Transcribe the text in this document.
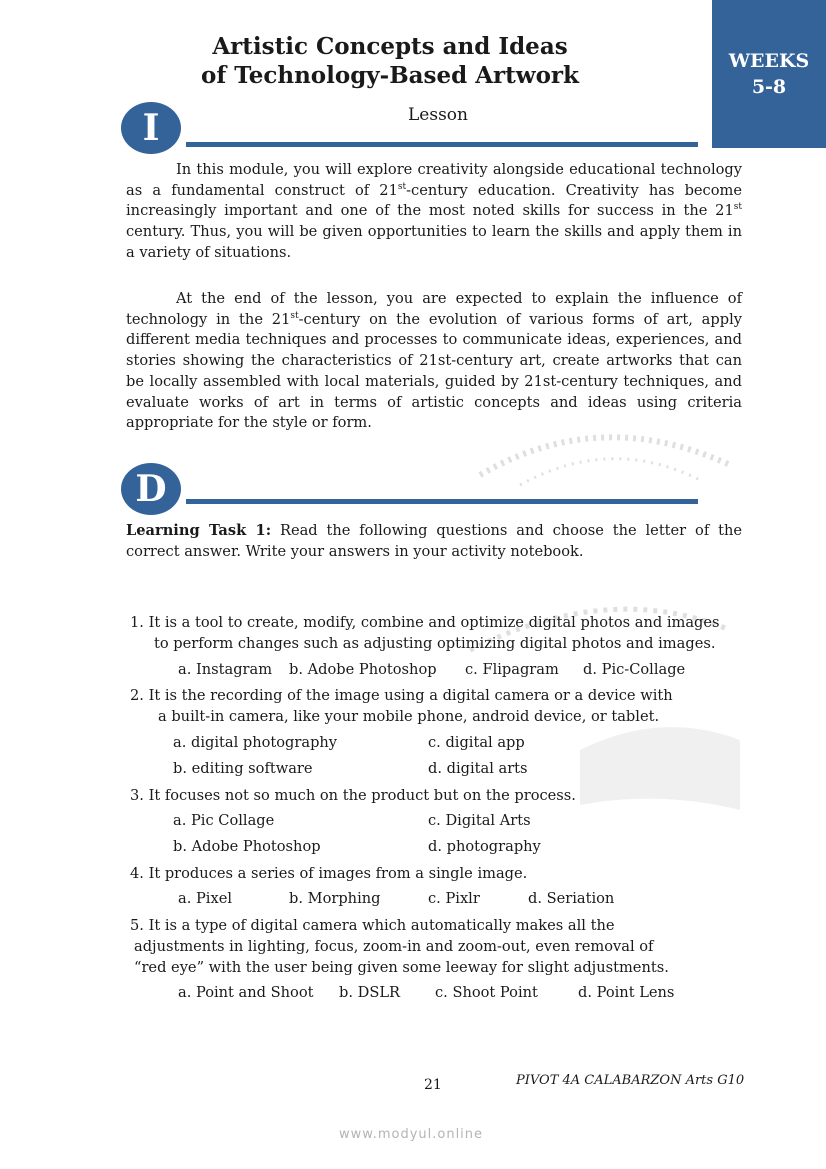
Artistic Concepts and Ideas
of Technology-Based Artwork
WEEKS
5-8
I	Lesson

In this module, you will explore creativity alongside educational technology as a fundamental construct of 21st-century education. Creativity has become increasingly important and one of the most noted skills for success in the 21st century. Thus, you will be given opportunities to learn the skills and apply them in a variety of situations.

At the end of the lesson, you are expected to explain the influence of technology in the 21st-century on the evolution of various forms of art, apply different media techniques and processes to communicate ideas, experiences, and stories showing the characteristics of 21st-century art, create artworks that can be locally assembled with local materials, guided by 21st-century techniques, and evaluate works of art in terms of artistic concepts and ideas using criteria appropriate for the style or form.

D
Learning Task 1: Read the following questions and choose the letter of the correct answer. Write your answers in your activity notebook.
1. It is a tool to create, modify, combine and optimize digital photos and images
to perform changes such as adjusting optimizing digital photos and images.
a. Instagram b. Adobe Photoshop c. Flipagram d. Pic-Collage
2. It is the recording of the image using a digital camera or a device with
a built-in camera, like your mobile phone, android device, or tablet.
a. digital photography	c. digital app
b. editing software	d. digital arts
3. It focuses not so much on the product but on the process.
a. Pic Collage	c. Digital Arts
b. Adobe Photoshop	d. photography
4. It produces a series of images from a single image.
a. Pixel	b. Morphing	c. Pixlr	d. Seriation
5. It is a type of digital camera which automatically makes all the
adjustments in lighting, focus, zoom-in and zoom-out, even removal of
“red eye” with the user being given some leeway for slight adjustments.
a. Point and Shoot b. DSLR c. Shoot Point	d. Point Lens
21	PIVOT 4A CALABARZON Arts G10
www.modyul.online
